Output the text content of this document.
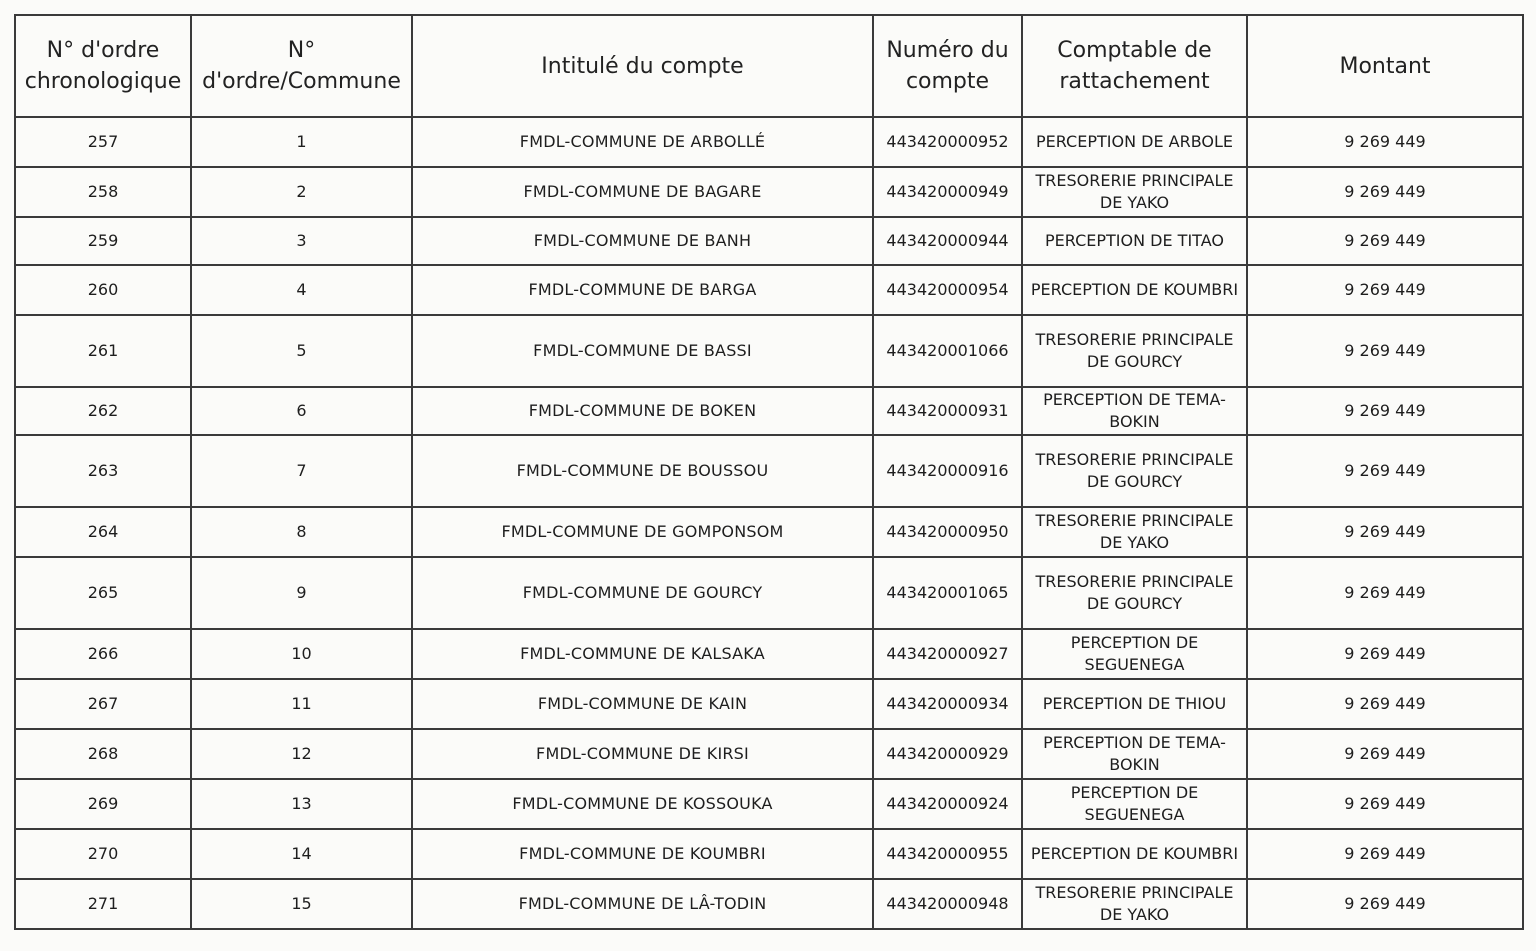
N° d'ordre chronologique	N° d'ordre/Commune	Intitulé du compte	Numéro du compte	Comptable de rattachement	Montant
257	1	FMDL-COMMUNE DE ARBOLLÉ	443420000952	PERCEPTION DE ARBOLE	9 269 449
258	2	FMDL-COMMUNE DE BAGARE	443420000949	TRESORERIE PRINCIPALE DE YAKO	9 269 449
259	3	FMDL-COMMUNE DE BANH	443420000944	PERCEPTION DE TITAO	9 269 449
260	4	FMDL-COMMUNE DE BARGA	443420000954	PERCEPTION DE KOUMBRI	9 269 449
261	5	FMDL-COMMUNE DE BASSI	443420001066	TRESORERIE PRINCIPALE DE GOURCY	9 269 449
262	6	FMDL-COMMUNE DE BOKEN	443420000931	PERCEPTION DE TEMA-BOKIN	9 269 449
263	7	FMDL-COMMUNE DE BOUSSOU	443420000916	TRESORERIE PRINCIPALE DE GOURCY	9 269 449
264	8	FMDL-COMMUNE DE GOMPONSOM	443420000950	TRESORERIE PRINCIPALE DE YAKO	9 269 449
265	9	FMDL-COMMUNE DE GOURCY	443420001065	TRESORERIE PRINCIPALE DE GOURCY	9 269 449
266	10	FMDL-COMMUNE DE KALSAKA	443420000927	PERCEPTION DE SEGUENEGA	9 269 449
267	11	FMDL-COMMUNE DE KAIN	443420000934	PERCEPTION DE THIOU	9 269 449
268	12	FMDL-COMMUNE DE KIRSI	443420000929	PERCEPTION DE TEMA-BOKIN	9 269 449
269	13	FMDL-COMMUNE DE KOSSOUKA	443420000924	PERCEPTION DE SEGUENEGA	9 269 449
270	14	FMDL-COMMUNE DE KOUMBRI	443420000955	PERCEPTION DE KOUMBRI	9 269 449
271	15	FMDL-COMMUNE DE LÂ-TODIN	443420000948	TRESORERIE PRINCIPALE DE YAKO	9 269 449
